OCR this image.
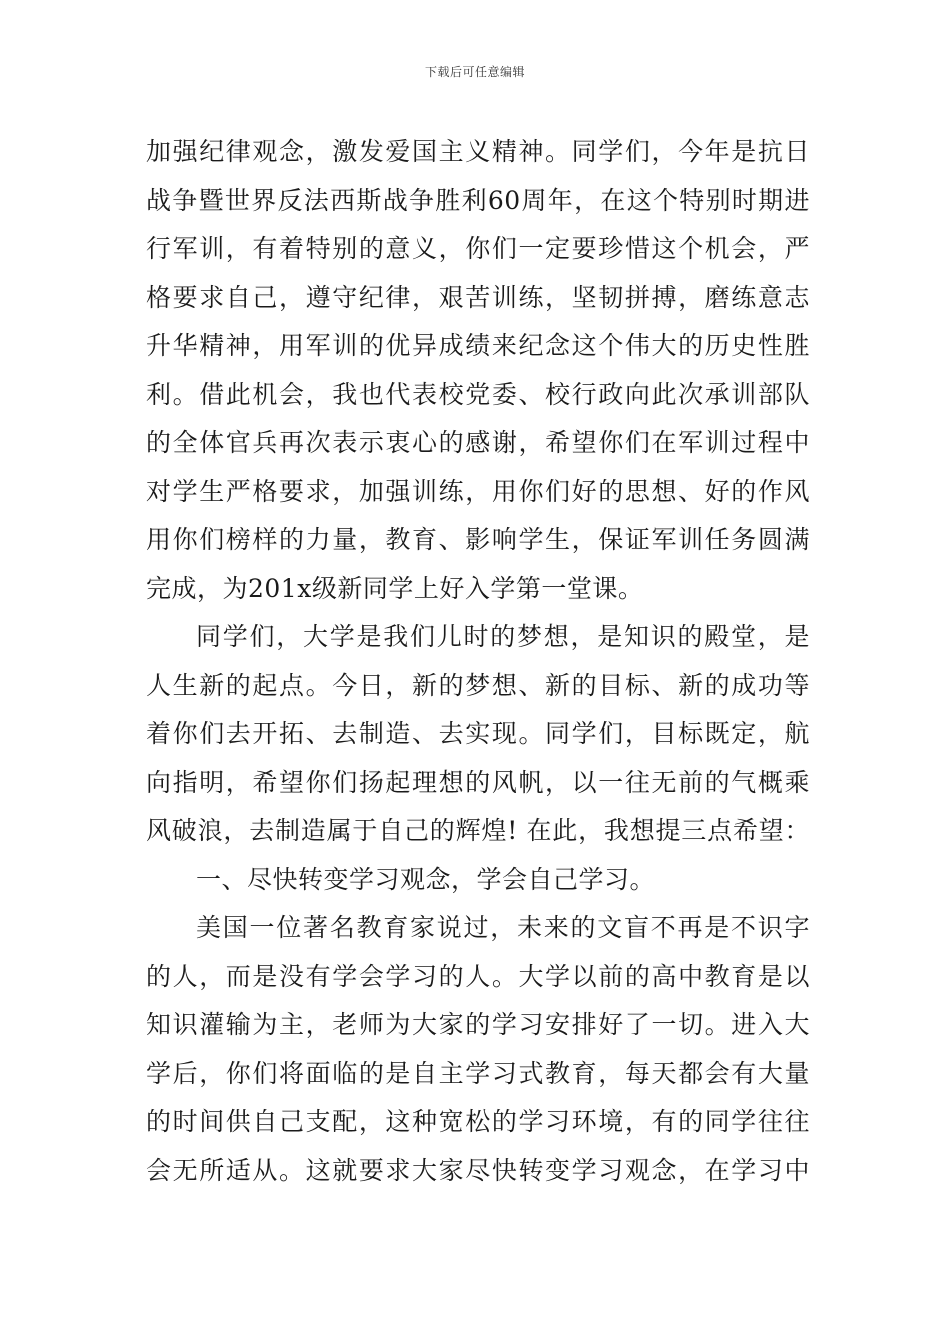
下载后可任意编辑
加强纪律观念，激发爱国主义精神。同学们，今年是抗日
战争暨世界反法西斯战争胜利60周年，在这个特别时期进
行军训，有着特别的意义，你们一定要珍惜这个机会，严
格要求自己，遵守纪律，艰苦训练，坚韧拼搏，磨练意志
升华精神，用军训的优异成绩来纪念这个伟大的历史性胜
利。借此机会，我也代表校党委、校行政向此次承训部队
的全体官兵再次表示衷心的感谢，希望你们在军训过程中
对学生严格要求，加强训练，用你们好的思想、好的作风
用你们榜样的力量，教育、影响学生，保证军训任务圆满
完成，为201x级新同学上好入学第一堂课。
同学们，大学是我们儿时的梦想，是知识的殿堂，是
人生新的起点。今日，新的梦想、新的目标、新的成功等
着你们去开拓、去制造、去实现。同学们，目标既定，航
向指明，希望你们扬起理想的风帆，以一往无前的气概乘
风破浪，去制造属于自己的辉煌! 在此，我想提三点希望：
一、尽快转变学习观念，学会自己学习。
美国一位著名教育家说过，未来的文盲不再是不识字
的人，而是没有学会学习的人。大学以前的高中教育是以
知识灌输为主，老师为大家的学习安排好了一切。进入大
学后，你们将面临的是自主学习式教育，每天都会有大量
的时间供自己支配，这种宽松的学习环境，有的同学往往
会无所适从。这就要求大家尽快转变学习观念，在学习中
